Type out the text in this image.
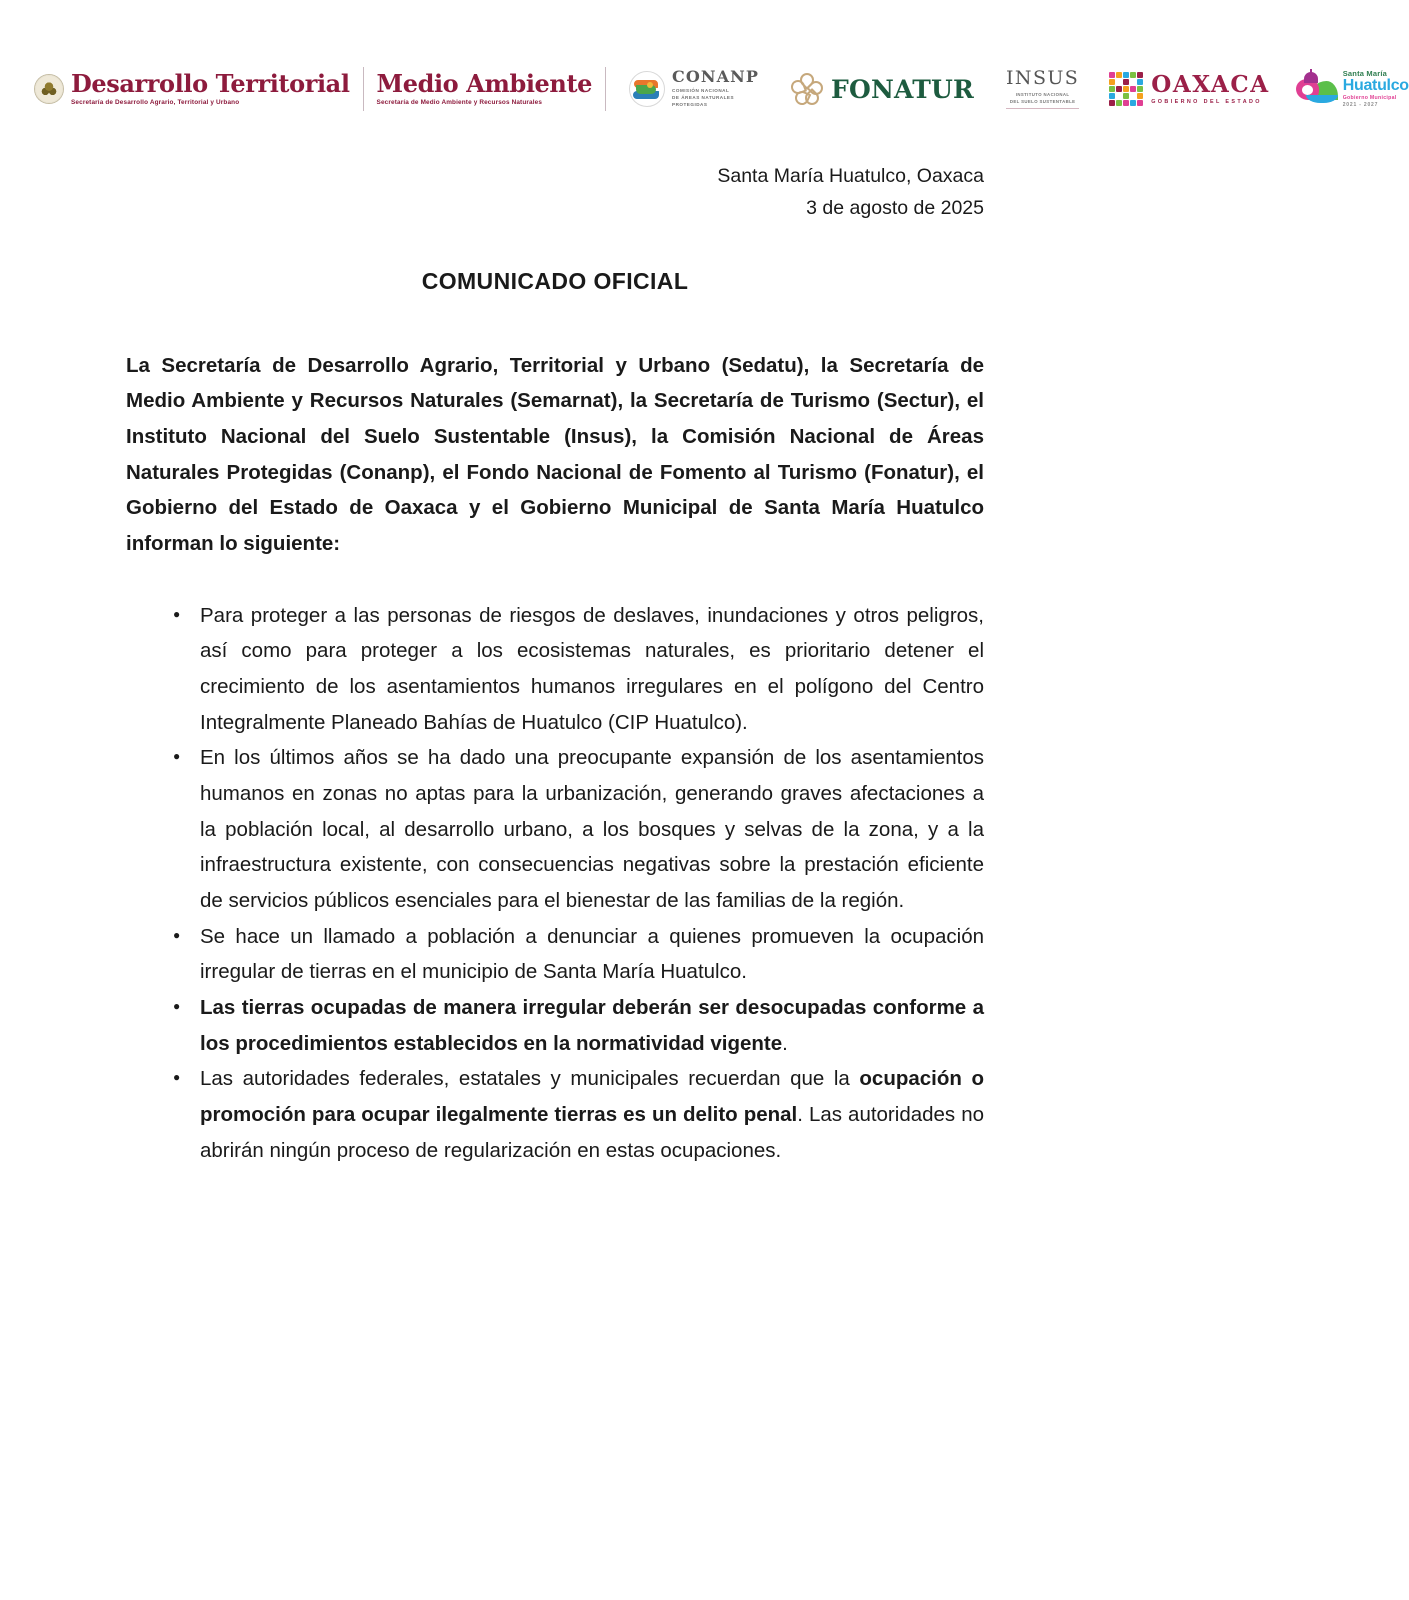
Desarrollo Territorial
Secretaría de Desarrollo Agrario, Territorial y Urbano
Medio Ambiente
Secretaría de Medio Ambiente y Recursos Naturales
CONANP
COMISIÓN NACIONAL
DE ÁREAS NATURALES
PROTEGIDAS
FONATUR INSUS
INSTITUTO NACIONAL
DEL SUELO SUSTENTABLE
OAXACA
GOBIERNO DEL ESTADO
Santa María
Huatulco
Gobierno Municipal
2021 - 2027
Santa María Huatulco, Oaxaca
3 de agosto de 2025
COMUNICADO OFICIAL

La Secretaría de Desarrollo Agrario, Territorial y Urbano (Sedatu), la Secretaría de Medio Ambiente y Recursos Naturales (Semarnat), la Secretaría de Turismo (Sectur), el Instituto Nacional del Suelo Sustentable (Insus), la Comisión Nacional de Áreas Naturales Protegidas (Conanp), el Fondo Nacional de Fomento al Turismo (Fonatur), el Gobierno del Estado de Oaxaca y el Gobierno Municipal de Santa María Huatulco informan lo siguiente:

● Para proteger a las personas de riesgos de deslaves, inundaciones y otros peligros, así como para proteger a los ecosistemas naturales, es prioritario detener el crecimiento de los asentamientos humanos irregulares en el polígono del Centro Integralmente Planeado Bahías de Huatulco (CIP Huatulco).
● En los últimos años se ha dado una preocupante expansión de los asentamientos humanos en zonas no aptas para la urbanización, generando graves afectaciones a la población local, al desarrollo urbano, a los bosques y selvas de la zona, y a la infraestructura existente, con consecuencias negativas sobre la prestación eficiente de servicios públicos esenciales para el bienestar de las familias de la región.
● Se hace un llamado a población a denunciar a quienes promueven la ocupación irregular de tierras en el municipio de Santa María Huatulco.
● Las tierras ocupadas de manera irregular deberán ser desocupadas conforme a los procedimientos establecidos en la normatividad vigente.
● Las autoridades federales, estatales y municipales recuerdan que la ocupación o promoción para ocupar ilegalmente tierras es un delito penal. Las autoridades no abrirán ningún proceso de regularización en estas ocupaciones.
